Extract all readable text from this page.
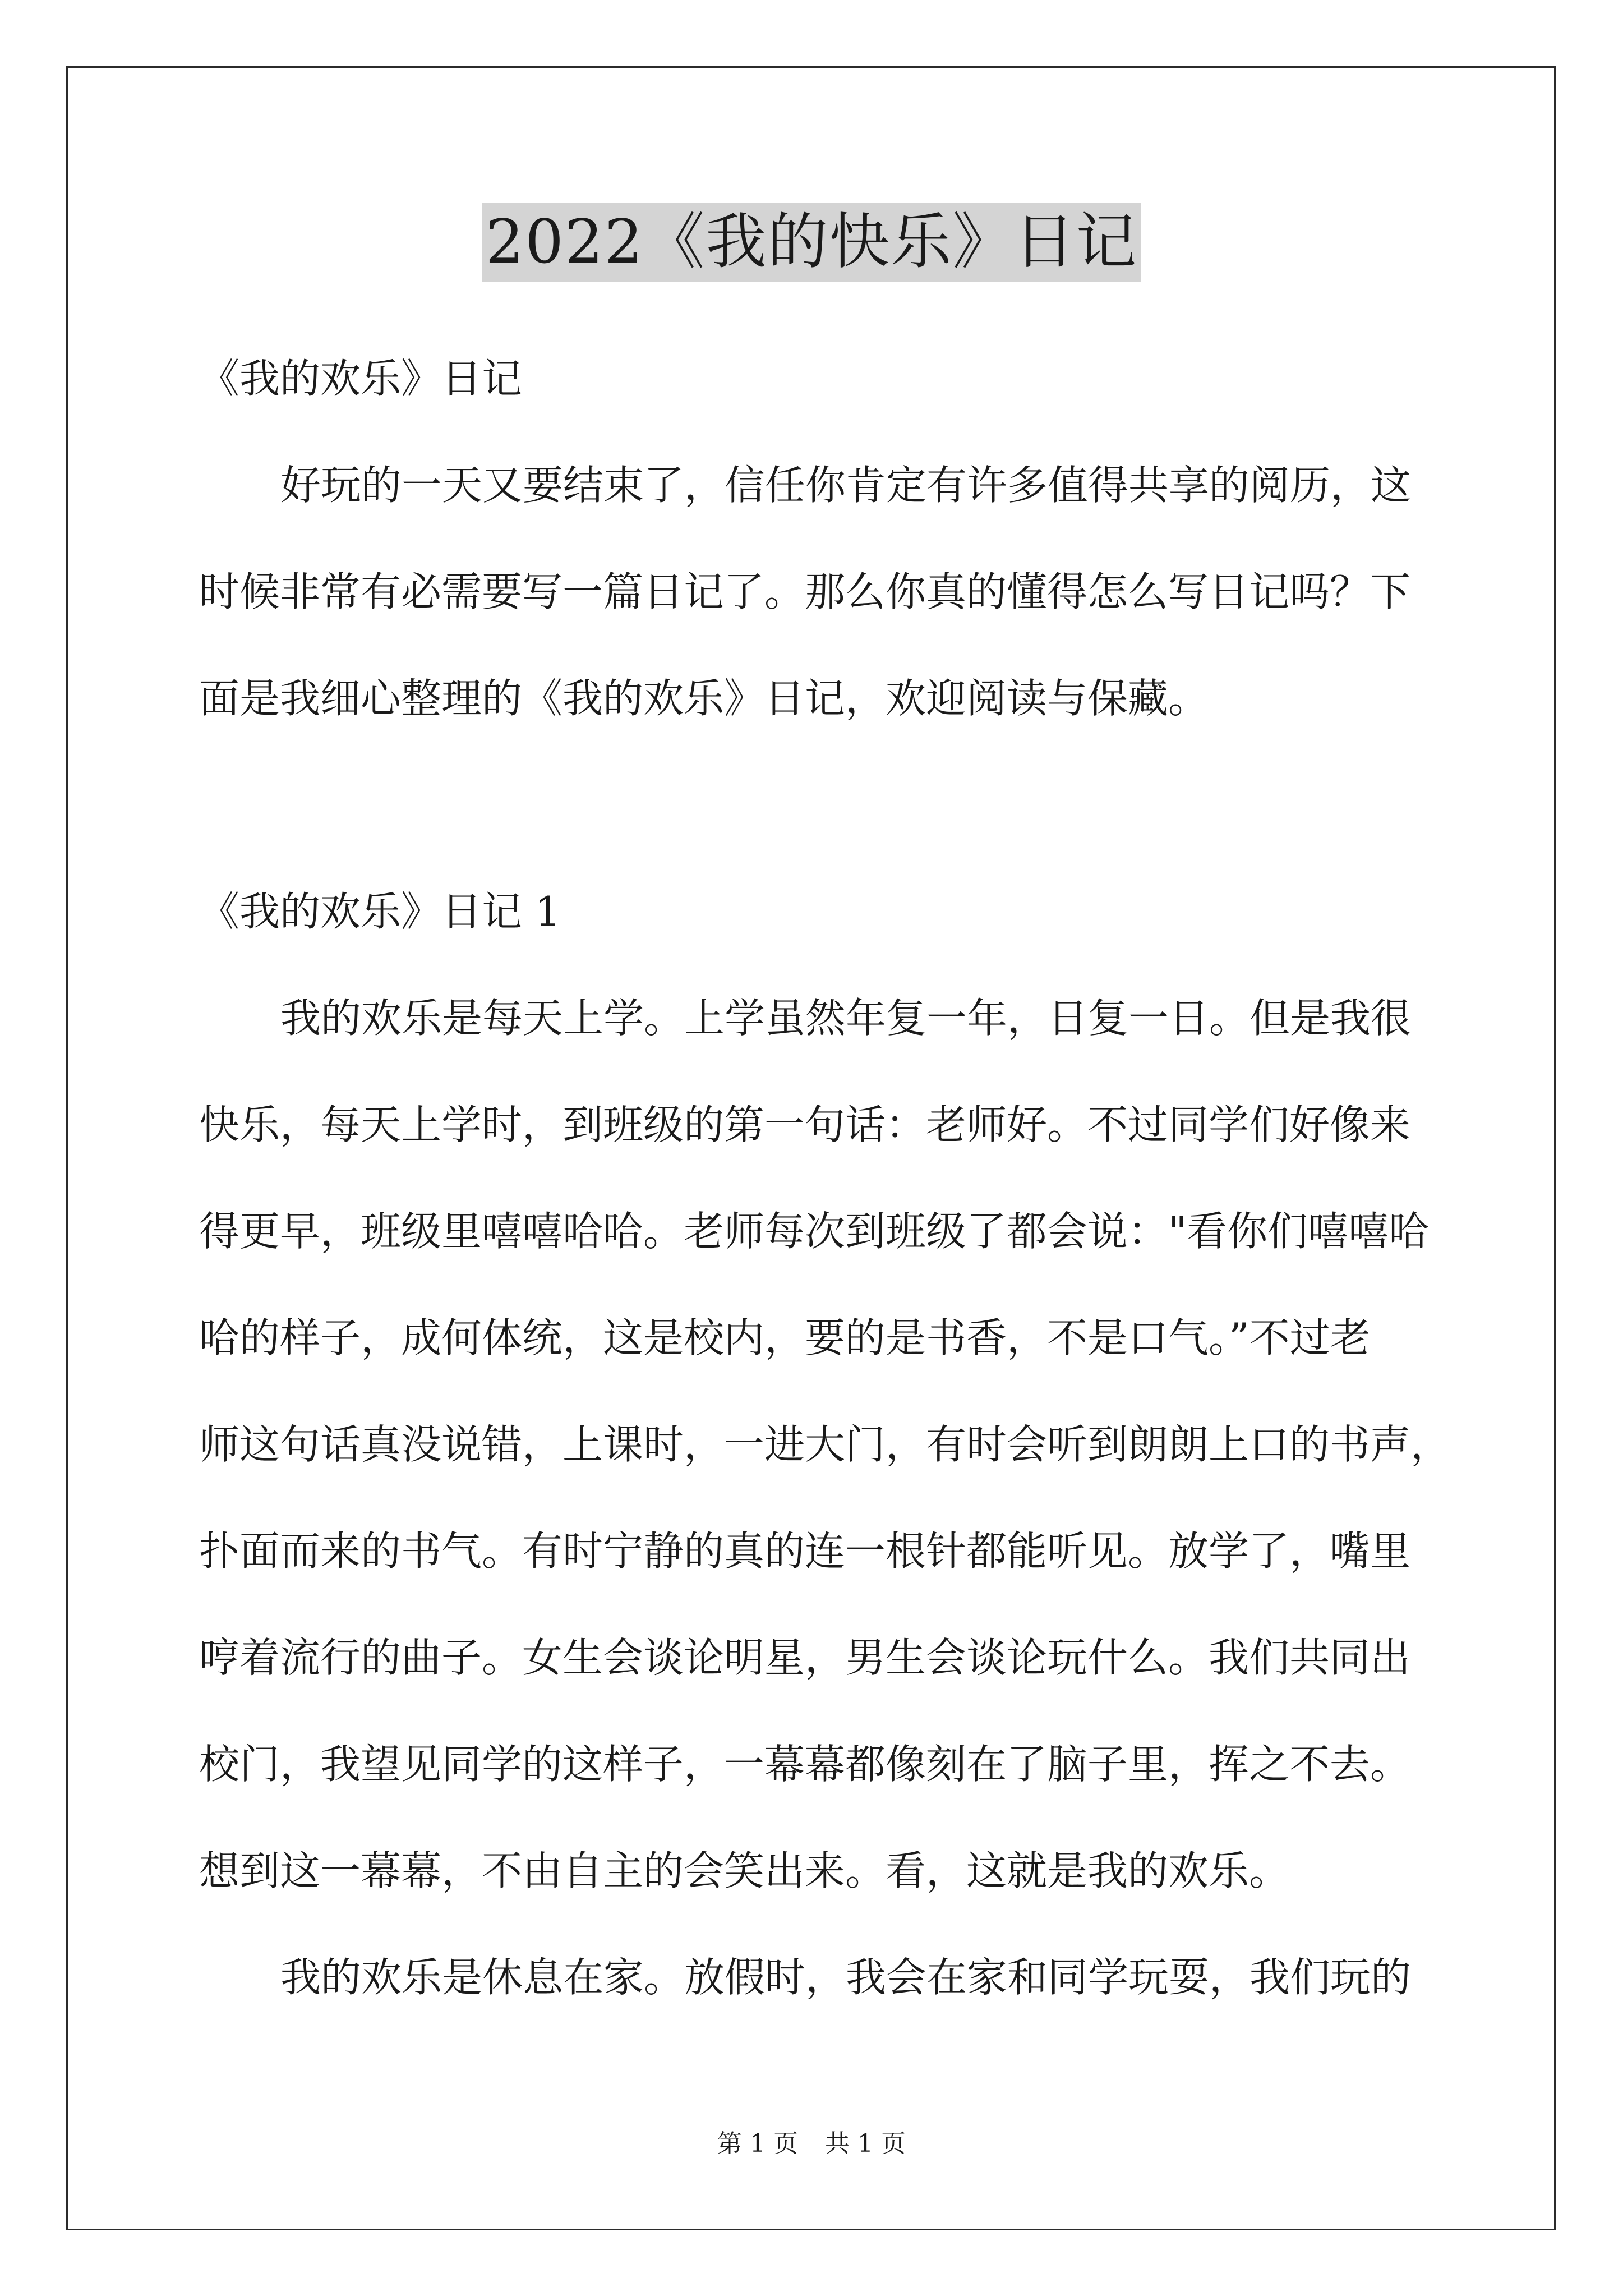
2022《我的快乐》日记
《我的欢乐》日记
好玩的一天又要结束了，信任你肯定有许多值得共享的阅历，这
时候非常有必需要写一篇日记了。那么你真的懂得怎么写日记吗？下
面是我细心整理的《我的欢乐》日记，欢迎阅读与保藏。
《我的欢乐》日记 1
我的欢乐是每天上学。上学虽然年复一年，日复一日。但是我很
快乐，每天上学时，到班级的第一句话：老师好。不过同学们好像来
得更早，班级里嘻嘻哈哈。老师每次到班级了都会说："看你们嘻嘻哈
哈的样子，成何体统，这是校内，要的是书香，不是口气。”不过老
师这句话真没说错，上课时，一进大门，有时会听到朗朗上口的书声，
扑面而来的书气。有时宁静的真的连一根针都能听见。放学了，嘴里
哼着流行的曲子。女生会谈论明星，男生会谈论玩什么。我们共同出
校门，我望见同学的这样子，一幕幕都像刻在了脑子里，挥之不去。
想到这一幕幕，不由自主的会笑出来。看，这就是我的欢乐。
我的欢乐是休息在家。放假时，我会在家和同学玩耍，我们玩的
第 1 页 共 1 页
